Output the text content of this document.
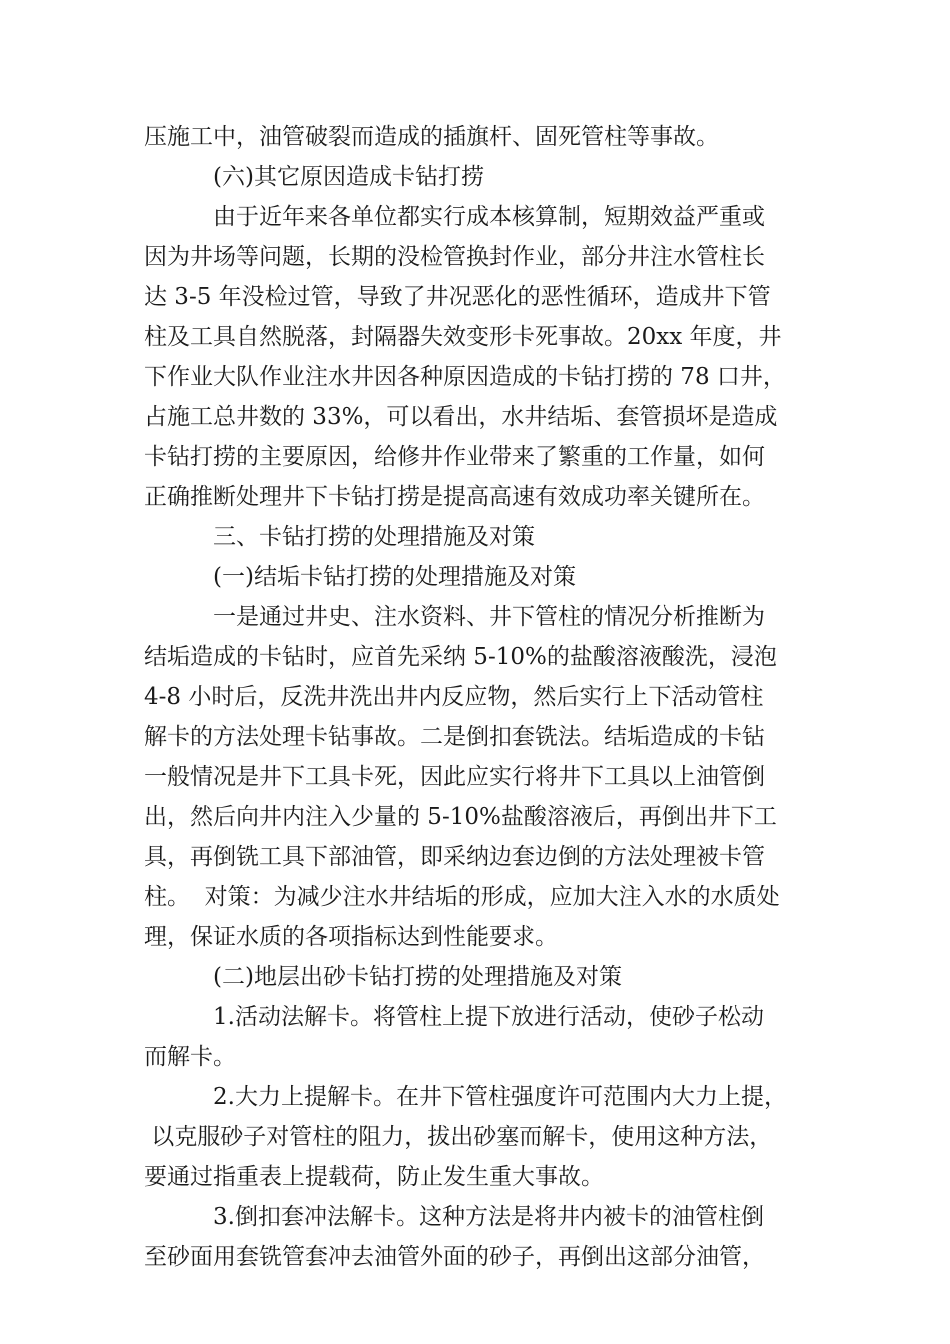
压施工中，油管破裂而造成的插旗杆、固死管柱等事故。
(六)其它原因造成卡钻打捞
由于近年来各单位都实行成本核算制，短期效益严重或
因为井场等问题，长期的没检管换封作业，部分井注水管柱长
达 3-5 年没检过管，导致了井况恶化的恶性循环，造成井下管
柱及工具自然脱落，封隔器失效变形卡死事故。20xx 年度，井
下作业大队作业注水井因各种原因造成的卡钻打捞的 78 口井，
占施工总井数的 33%，可以看出，水井结垢、套管损坏是造成
卡钻打捞的主要原因，给修井作业带来了繁重的工作量，如何
正确推断处理井下卡钻打捞是提高高速有效成功率关键所在。
三、卡钻打捞的处理措施及对策
(一)结垢卡钻打捞的处理措施及对策
一是通过井史、注水资料、井下管柱的情况分析推断为
结垢造成的卡钻时，应首先采纳 5-10%的盐酸溶液酸洗，浸泡
4-8 小时后，反洗井洗出井内反应物，然后实行上下活动管柱
解卡的方法处理卡钻事故。二是倒扣套铣法。结垢造成的卡钻
一般情况是井下工具卡死，因此应实行将井下工具以上油管倒
出，然后向井内注入少量的 5-10%盐酸溶液后，再倒出井下工
具，再倒铣工具下部油管，即采纳边套边倒的方法处理被卡管
柱。  对策：为减少注水井结垢的形成，应加大注入水的水质处
理，保证水质的各项指标达到性能要求。
(二)地层出砂卡钻打捞的处理措施及对策
1.活动法解卡。将管柱上提下放进行活动，使砂子松动
而解卡。
2.大力上提解卡。在井下管柱强度许可范围内大力上提，
以克服砂子对管柱的阻力，拔出砂塞而解卡，使用这种方法，
要通过指重表上提载荷，防止发生重大事故。
3.倒扣套冲法解卡。这种方法是将井内被卡的油管柱倒
至砂面用套铣管套冲去油管外面的砂子，再倒出这部分油管，
